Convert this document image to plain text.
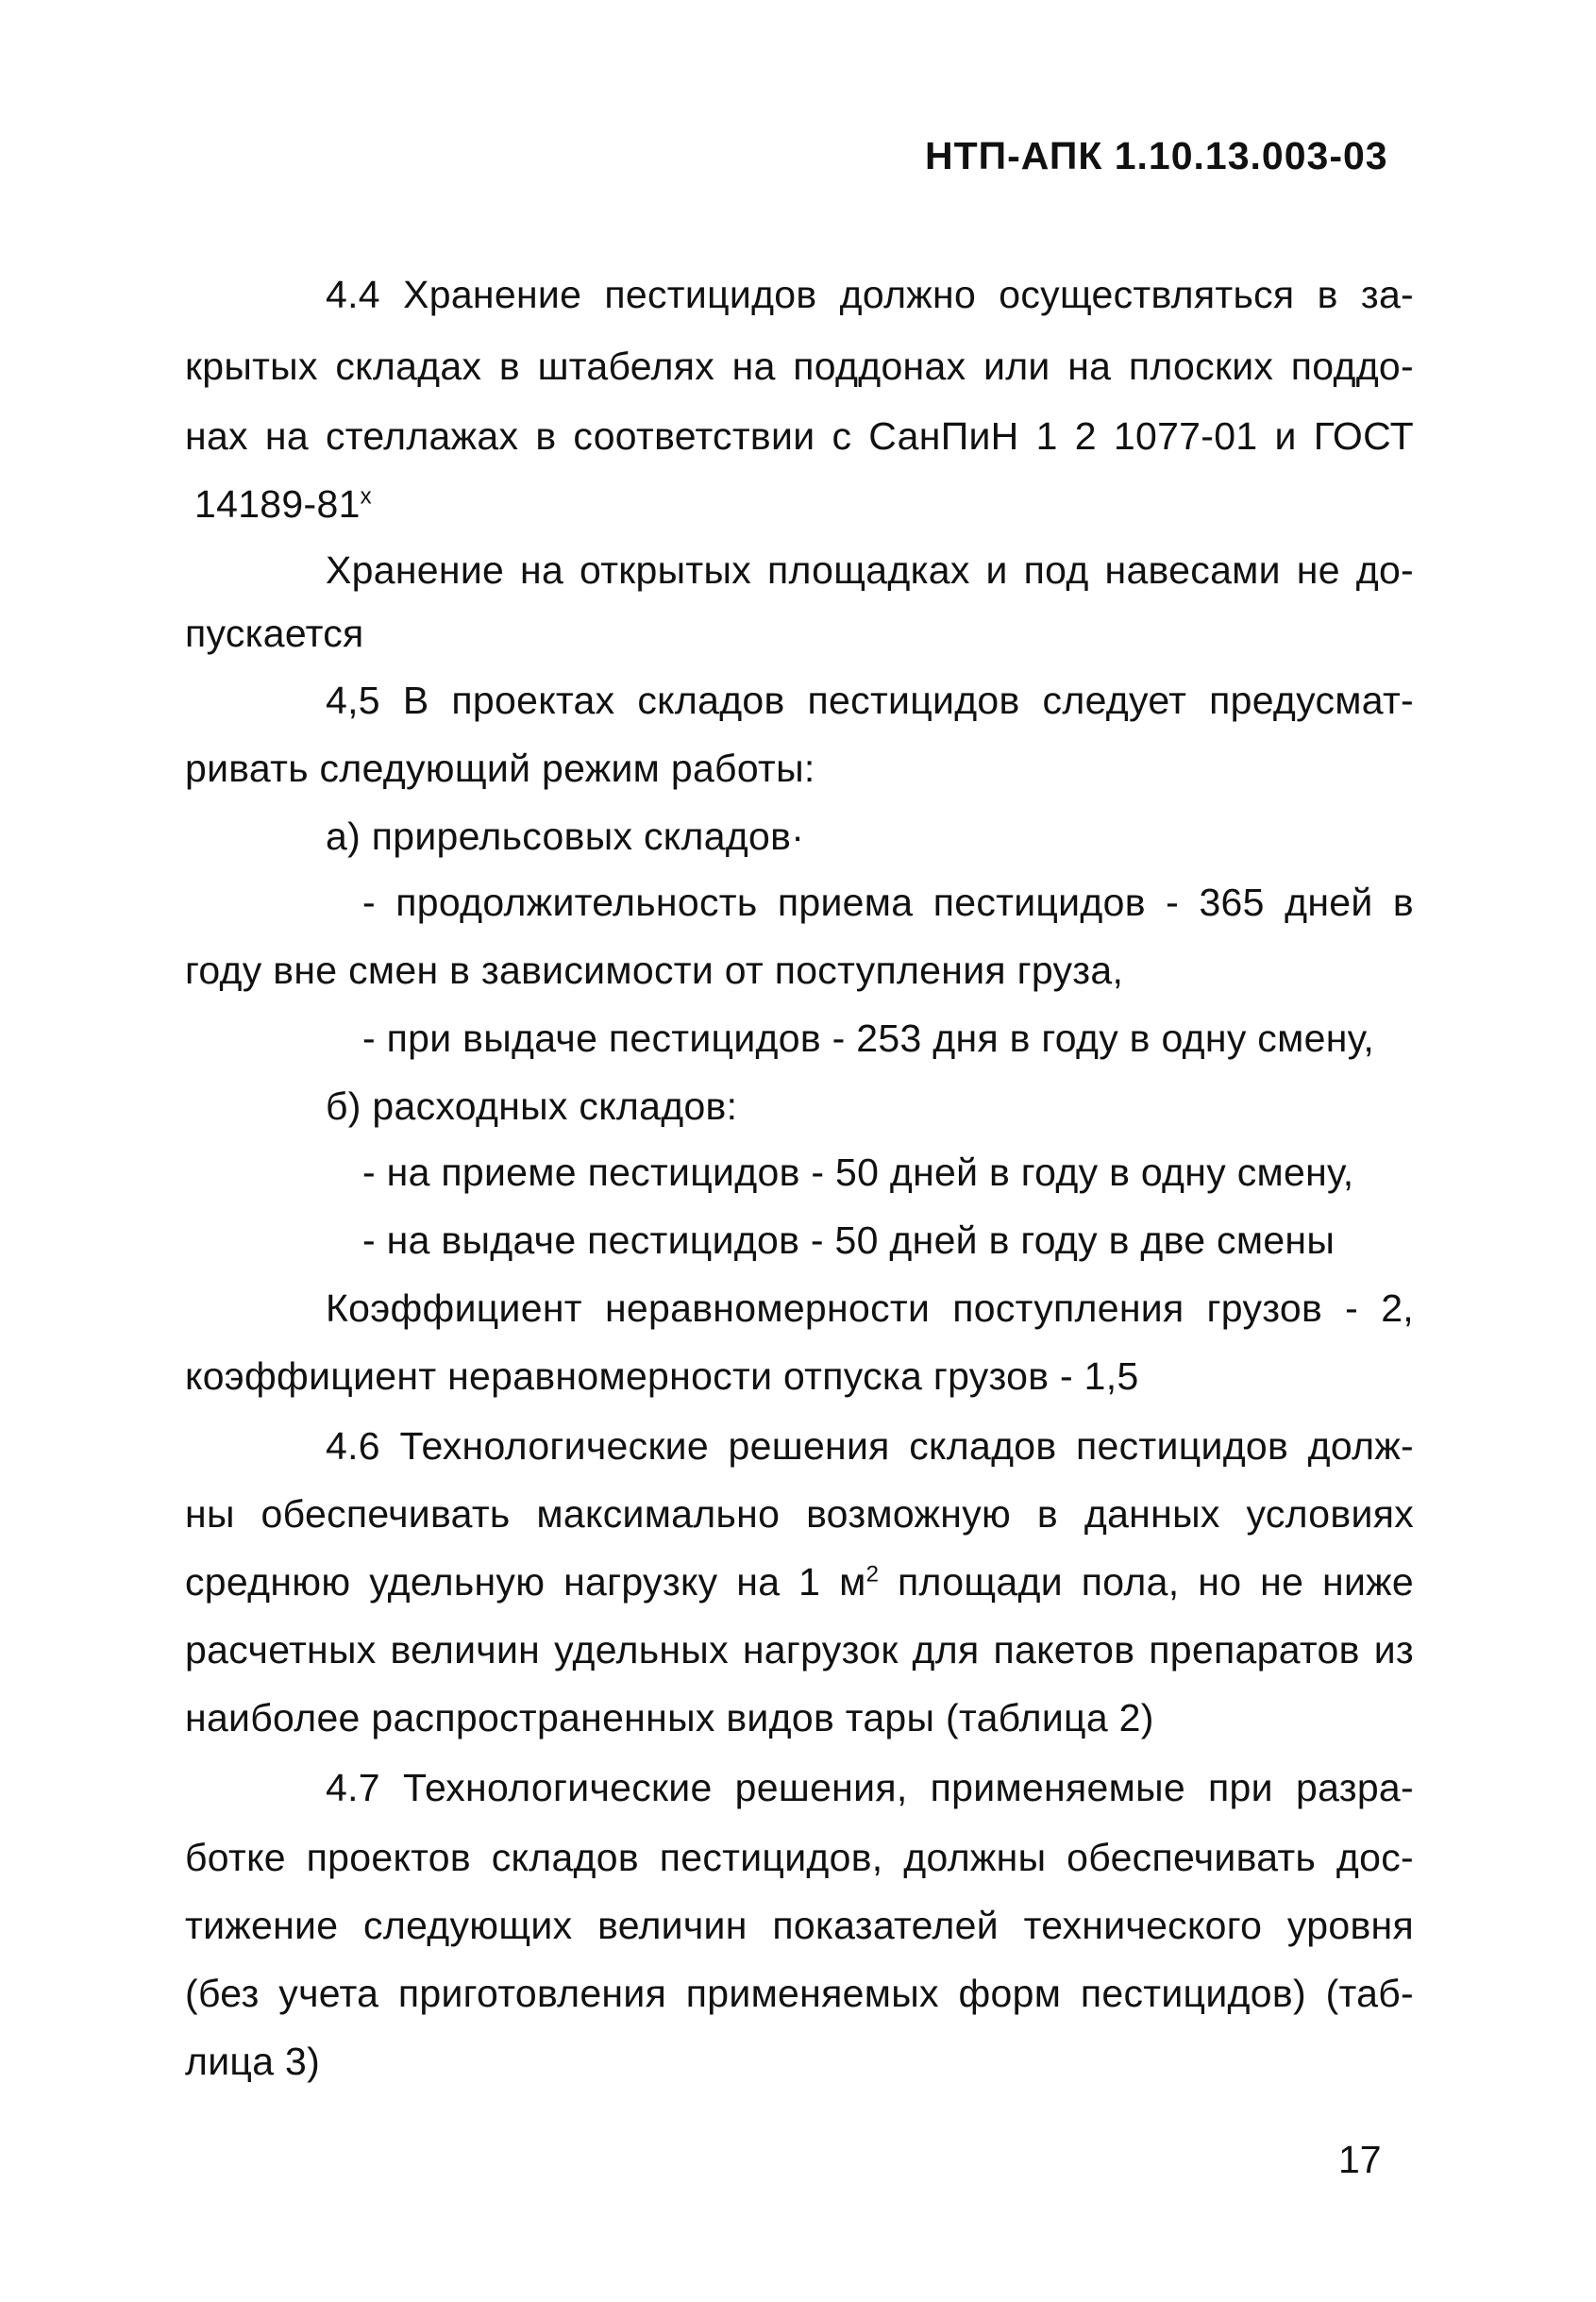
НТП-АПК 1.10.13.003-03
4.4 Хранение пестицидов должно осуществляться в за-
крытых складах в штабелях на поддонах или на плоских поддо-
нах на стеллажах в соответствии с СанПиН 1 2 1077-01 и ГОСТ
14189-81$^x$
Хранение на открытых площадках и под навесами не до-
пускается
4,5 В проектах складов пестицидов следует предусмат-
ривать следующий режим работы:
а) прирельсовых складов·
- продолжительность приема пестицидов - 365 дней в
году вне смен в зависимости от поступления груза,
- при выдаче пестицидов - 253 дня в году в одну смену,
б) расходных складов:
- на приеме пестицидов - 50 дней в году в одну смену,
- на выдаче пестицидов - 50 дней в году в две смены
Коэффициент неравномерности поступления грузов - 2,
коэффициент неравномерности отпуска грузов - 1,5
4.6 Технологические решения складов пестицидов долж-
ны обеспечивать максимально возможную в данных условиях
среднюю удельную нагрузку на 1 $м^2$ площади пола, но не ниже
расчетных величин удельных нагрузок для пакетов препаратов из
наиболее распространенных видов тары (таблица 2)
4.7 Технологические решения, применяемые при разра-
ботке проектов складов пестицидов, должны обеспечивать дос-
тижение следующих величин показателей технического уровня
(без учета приготовления применяемых форм пестицидов) (таб-
лица 3)
17
